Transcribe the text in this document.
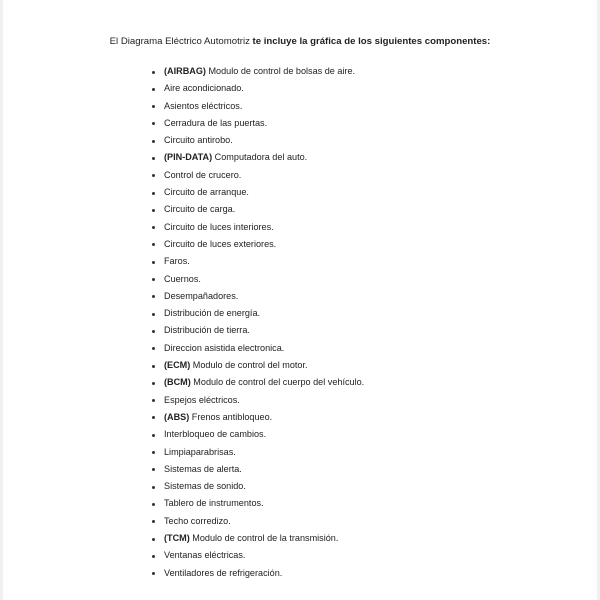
El Diagrama Eléctrico Automotriz te incluye la gráfica de los siguientes componentes:

(AIRBAG) Modulo de control de bolsas de aire.
Aire acondicionado.
Asientos eléctricos.
Cerradura de las puertas.
Circuito antirobo.
(PIN-DATA) Computadora del auto.
Control de crucero.
Circuito de arranque.
Circuito de carga.
Circuito de luces interiores.
Circuito de luces exteriores.
Faros.
Cuernos.
Desempañadores.
Distribución de energía.
Distribución de tierra.
Direccion asistida electronica.
(ECM) Modulo de control del motor.
(BCM) Modulo de control del cuerpo del vehículo.
Espejos eléctricos.
(ABS) Frenos antibloqueo.
Interbloqueo de cambios.
Limpiaparabrisas.
Sistemas de alerta.
Sistemas de sonido.
Tablero de instrumentos.
Techo corredizo.
(TCM) Modulo de control de la transmisión.
Ventanas eléctricas.
Ventiladores de refrigeración.
